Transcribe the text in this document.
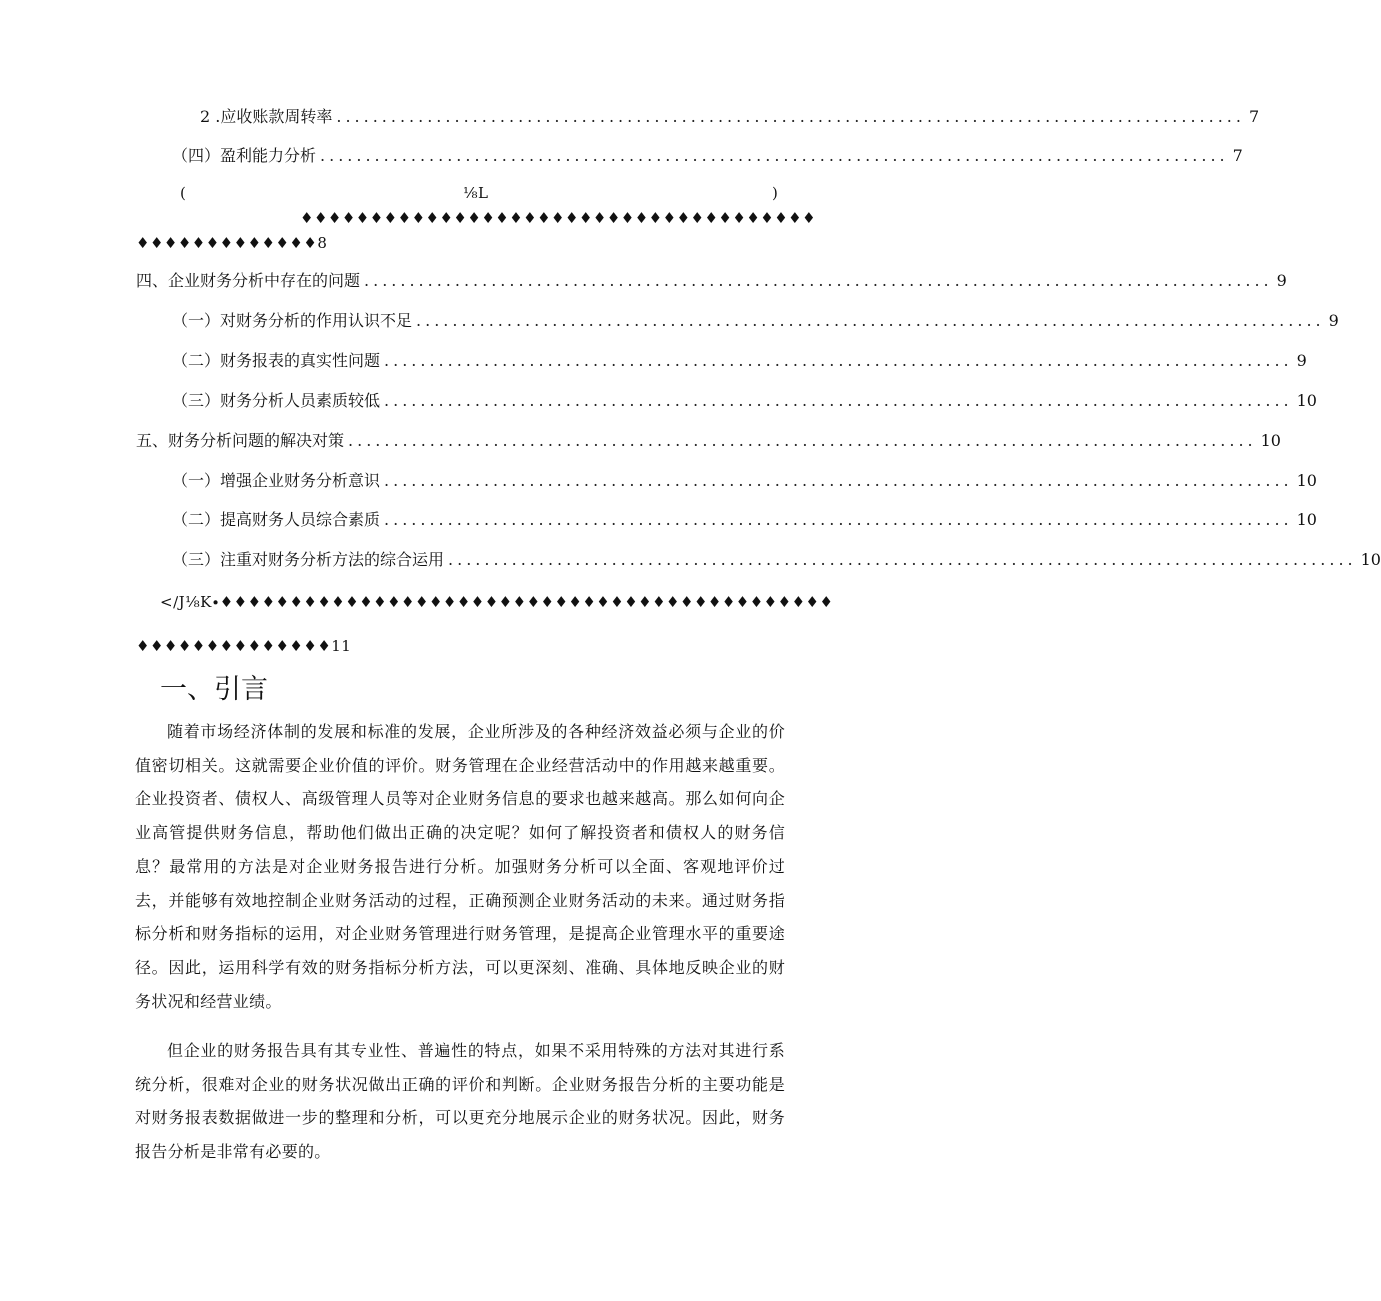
2 .应收账款周转率 .................................................................................................... 7
（四）盈利能力分析 .................................................................................................... 7
(	⅛L	)
♦♦♦♦♦♦♦♦♦♦♦♦♦♦♦♦♦♦♦♦♦♦♦♦♦♦♦♦♦♦♦♦♦♦♦♦♦
♦♦♦♦♦♦♦♦♦♦♦♦♦8
四、企业财务分析中存在的问题 .................................................................................................... 9
（一）对财务分析的作用认识不足 .................................................................................................... 9
（二）财务报表的真实性问题 .................................................................................................... 9
（三）财务分析人员素质较低 .................................................................................................... 10
五、财务分析问题的解决对策 .................................................................................................... 10
（一）增强企业财务分析意识 .................................................................................................... 10
（二）提高财务人员综合素质 .................................................................................................... 10
（三）注重对财务分析方法的综合运用 .................................................................................................... 10
<∕J⅛K∙♦♦♦♦♦♦♦♦♦♦♦♦♦♦♦♦♦♦♦♦♦♦♦♦♦♦♦♦♦♦♦♦♦♦♦♦♦♦♦♦♦♦♦♦
♦♦♦♦♦♦♦♦♦♦♦♦♦♦11
一、引言

随着市场经济体制的发展和标准的发展，企业所涉及的各种经济效益必须与企业的价值密切相关。这就需要企业价值的评价。财务管理在企业经营活动中的作用越来越重要。企业投资者、债权人、高级管理人员等对企业财务信息的要求也越来越高。那么如何向企业高管提供财务信息，帮助他们做出正确的决定呢？如何了解投资者和债权人的财务信息？最常用的方法是对企业财务报告进行分析。加强财务分析可以全面、客观地评价过去，并能够有效地控制企业财务活动的过程，正确预测企业财务活动的未来。通过财务指标分析和财务指标的运用，对企业财务管理进行财务管理，是提高企业管理水平的重要途径。因此，运用科学有效的财务指标分析方法，可以更深刻、准确、具体地反映企业的财务状况和经营业绩。

但企业的财务报告具有其专业性、普遍性的特点，如果不采用特殊的方法对其进行系统分析，很难对企业的财务状况做出正确的评价和判断。企业财务报告分析的主要功能是对财务报表数据做进一步的整理和分析，可以更充分地展示企业的财务状况。因此，财务报告分析是非常有必要的。
